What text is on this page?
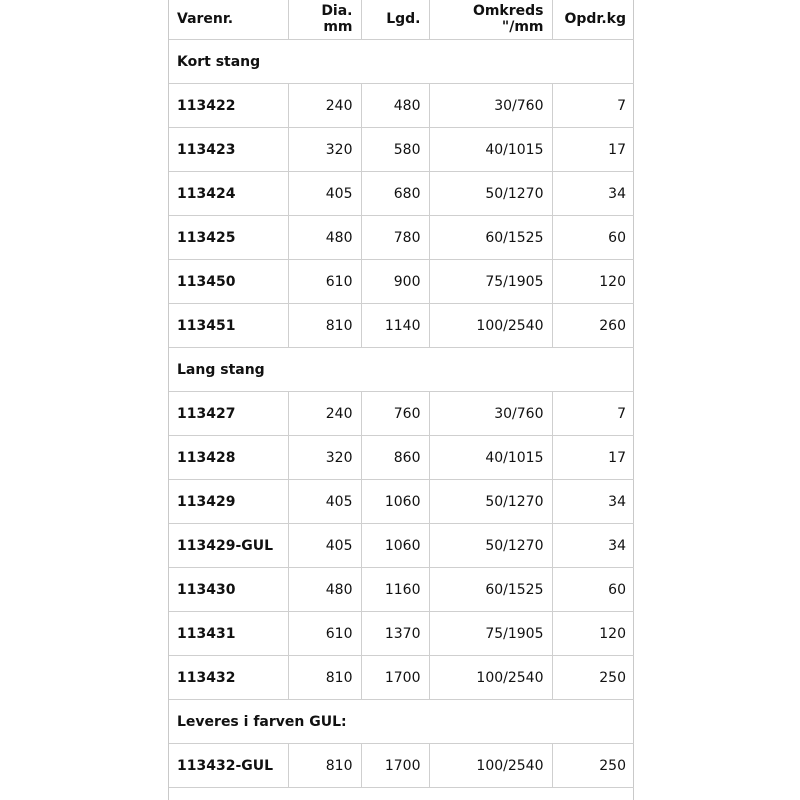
Varenr.	Dia. mm	Lgd.	Omkreds "/mm	Opdr.kg
Kort stang				
113422	240	480	30/760	7
113423	320	580	40/1015	17
113424	405	680	50/1270	34
113425	480	780	60/1525	60
113450	610	900	75/1905	120
113451	810	1140	100/2540	260
Lang stang				
113427	240	760	30/760	7
113428	320	860	40/1015	17
113429	405	1060	50/1270	34
113429-GUL	405	1060	50/1270	34
113430	480	1160	60/1525	60
113431	610	1370	75/1905	120
113432	810	1700	100/2540	250
Leveres i farven GUL:				
113432-GUL	810	1700	100/2540	250
